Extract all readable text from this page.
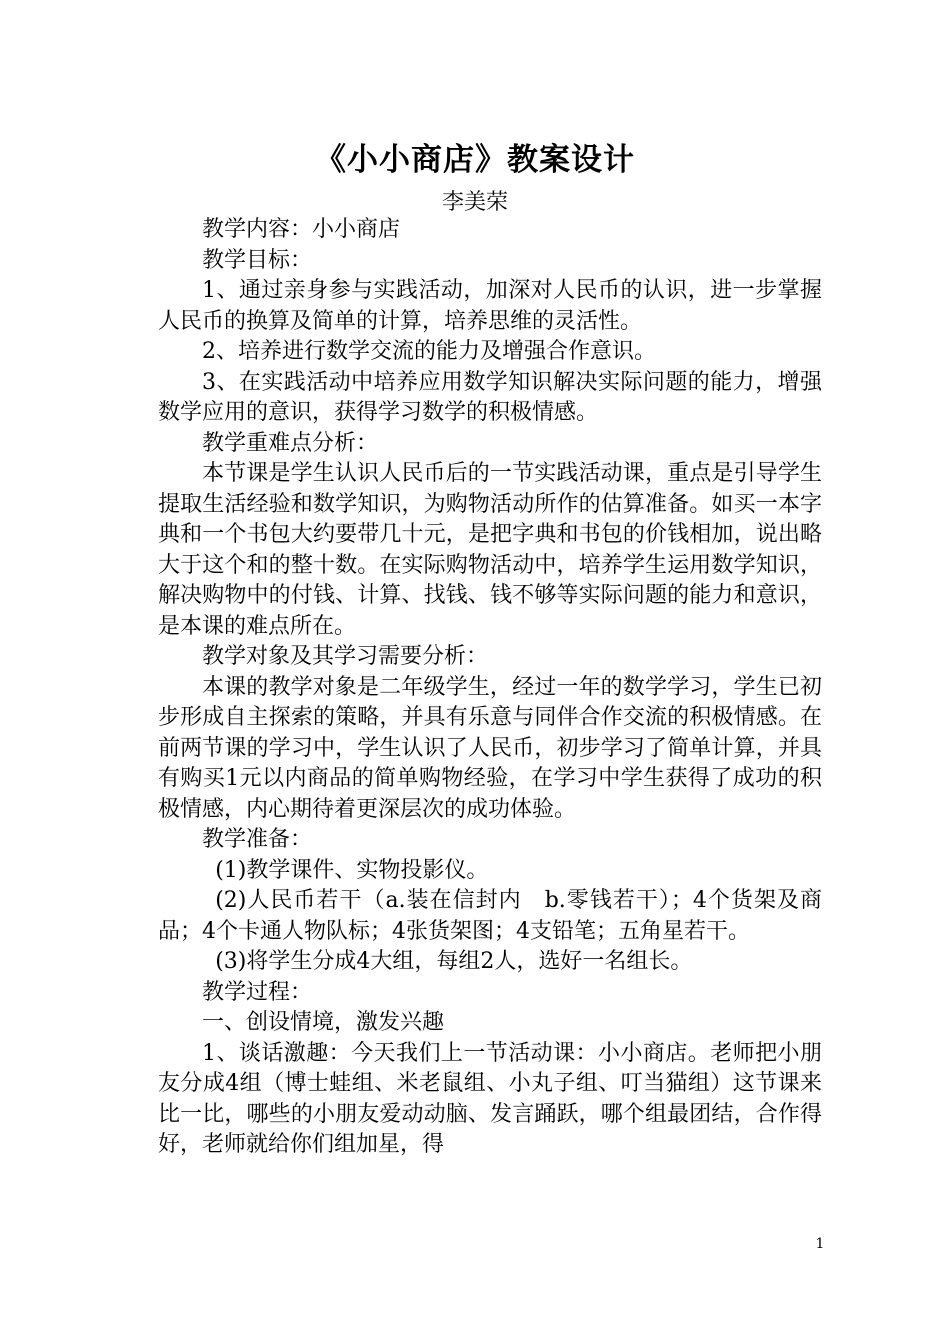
《小小商店》教案设计
李美荣

教学内容：小小商店

教学目标：

1、通过亲身参与实践活动，加深对人民币的认识，进一步掌握人民币的换算及简单的计算，培养思维的灵活性。

2、培养进行数学交流的能力及增强合作意识。

3、在实践活动中培养应用数学知识解决实际问题的能力，增强数学应用的意识，获得学习数学的积极情感。

教学重难点分析：

本节课是学生认识人民币后的一节实践活动课，重点是引导学生提取生活经验和数学知识，为购物活动所作的估算准备。如买一本字典和一个书包大约要带几十元，是把字典和书包的价钱相加，说出略大于这个和的整十数。在实际购物活动中，培养学生运用数学知识，解决购物中的付钱、计算、找钱、钱不够等实际问题的能力和意识，是本课的难点所在。

教学对象及其学习需要分析：

本课的教学对象是二年级学生，经过一年的数学学习，学生已初步形成自主探索的策略，并具有乐意与同伴合作交流的积极情感。在前两节课的学习中，学生认识了人民币，初步学习了简单计算，并具有购买1元以内商品的简单购物经验，在学习中学生获得了成功的积极情感，内心期待着更深层次的成功体验。

教学准备：

(1)教学课件、实物投影仪。

(2)人民币若干（a.装在信封内　b.零钱若干）；4个货架及商品；4个卡通人物队标；4张货架图；4支铅笔；五角星若干。

(3)将学生分成4大组，每组2人，选好一名组长。

教学过程：

一、创设情境，激发兴趣

1、谈话激趣：今天我们上一节活动课：小小商店。老师把小朋友分成4组（博士蛙组、米老鼠组、小丸子组、叮当猫组）这节课来比一比，哪些的小朋友爱动动脑、发言踊跃，哪个组最团结，合作得好，老师就给你们组加星，得

1
